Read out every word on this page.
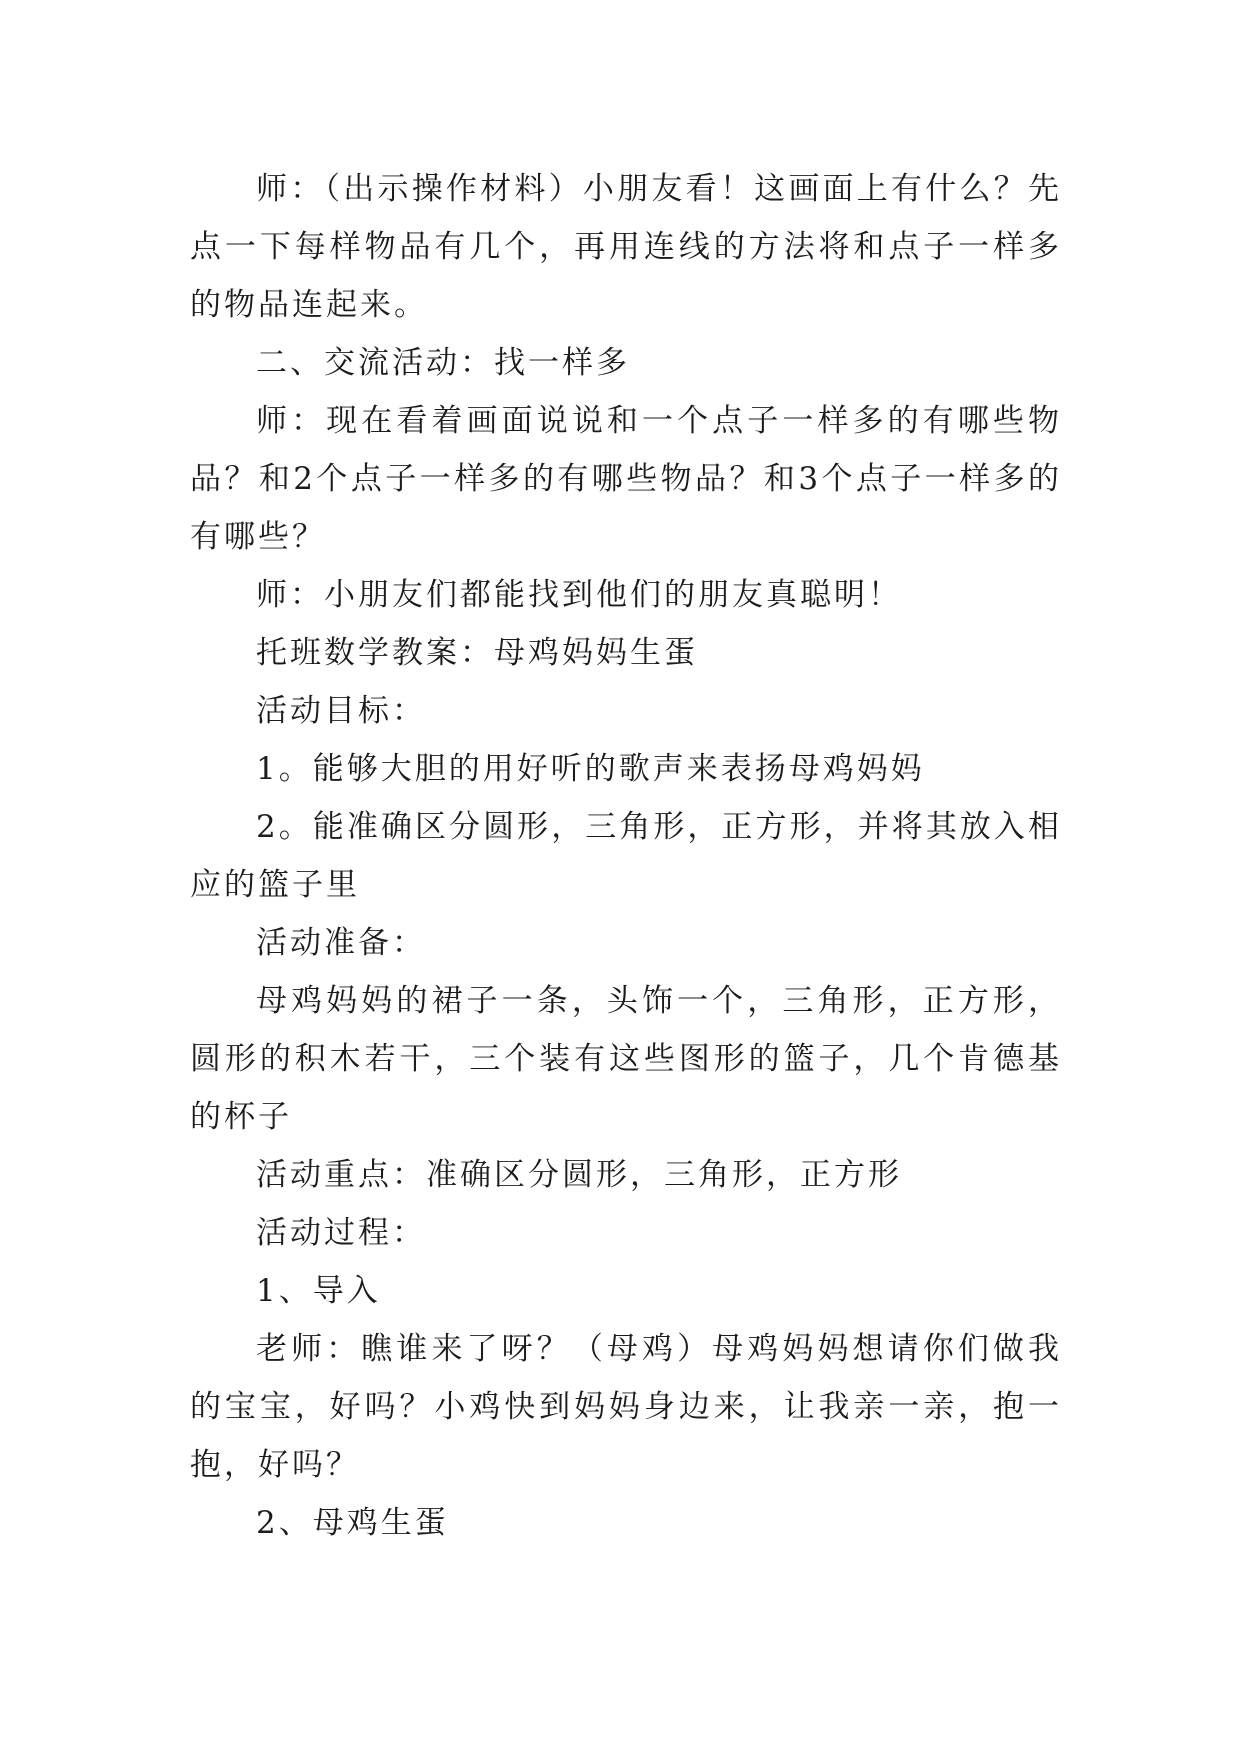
师：（出示操作材料）小朋友看！这画面上有什么？先点一下每样物品有几个，再用连线的方法将和点子一样多的物品连起来。

二、交流活动：找一样多

师：现在看着画面说说和一个点子一样多的有哪些物品？和2个点子一样多的有哪些物品？和3个点子一样多的有哪些？

师：小朋友们都能找到他们的朋友真聪明！

托班数学教案：母鸡妈妈生蛋

活动目标：

1。能够大胆的用好听的歌声来表扬母鸡妈妈

2。能准确区分圆形，三角形，正方形，并将其放入相应的篮子里

活动准备：

母鸡妈妈的裙子一条，头饰一个，三角形，正方形，圆形的积木若干，三个装有这些图形的篮子，几个肯德基的杯子

活动重点：准确区分圆形，三角形，正方形

活动过程：

1、导入

老师：瞧谁来了呀？（母鸡）母鸡妈妈想请你们做我的宝宝，好吗？小鸡快到妈妈身边来，让我亲一亲，抱一抱，好吗？

2、母鸡生蛋
